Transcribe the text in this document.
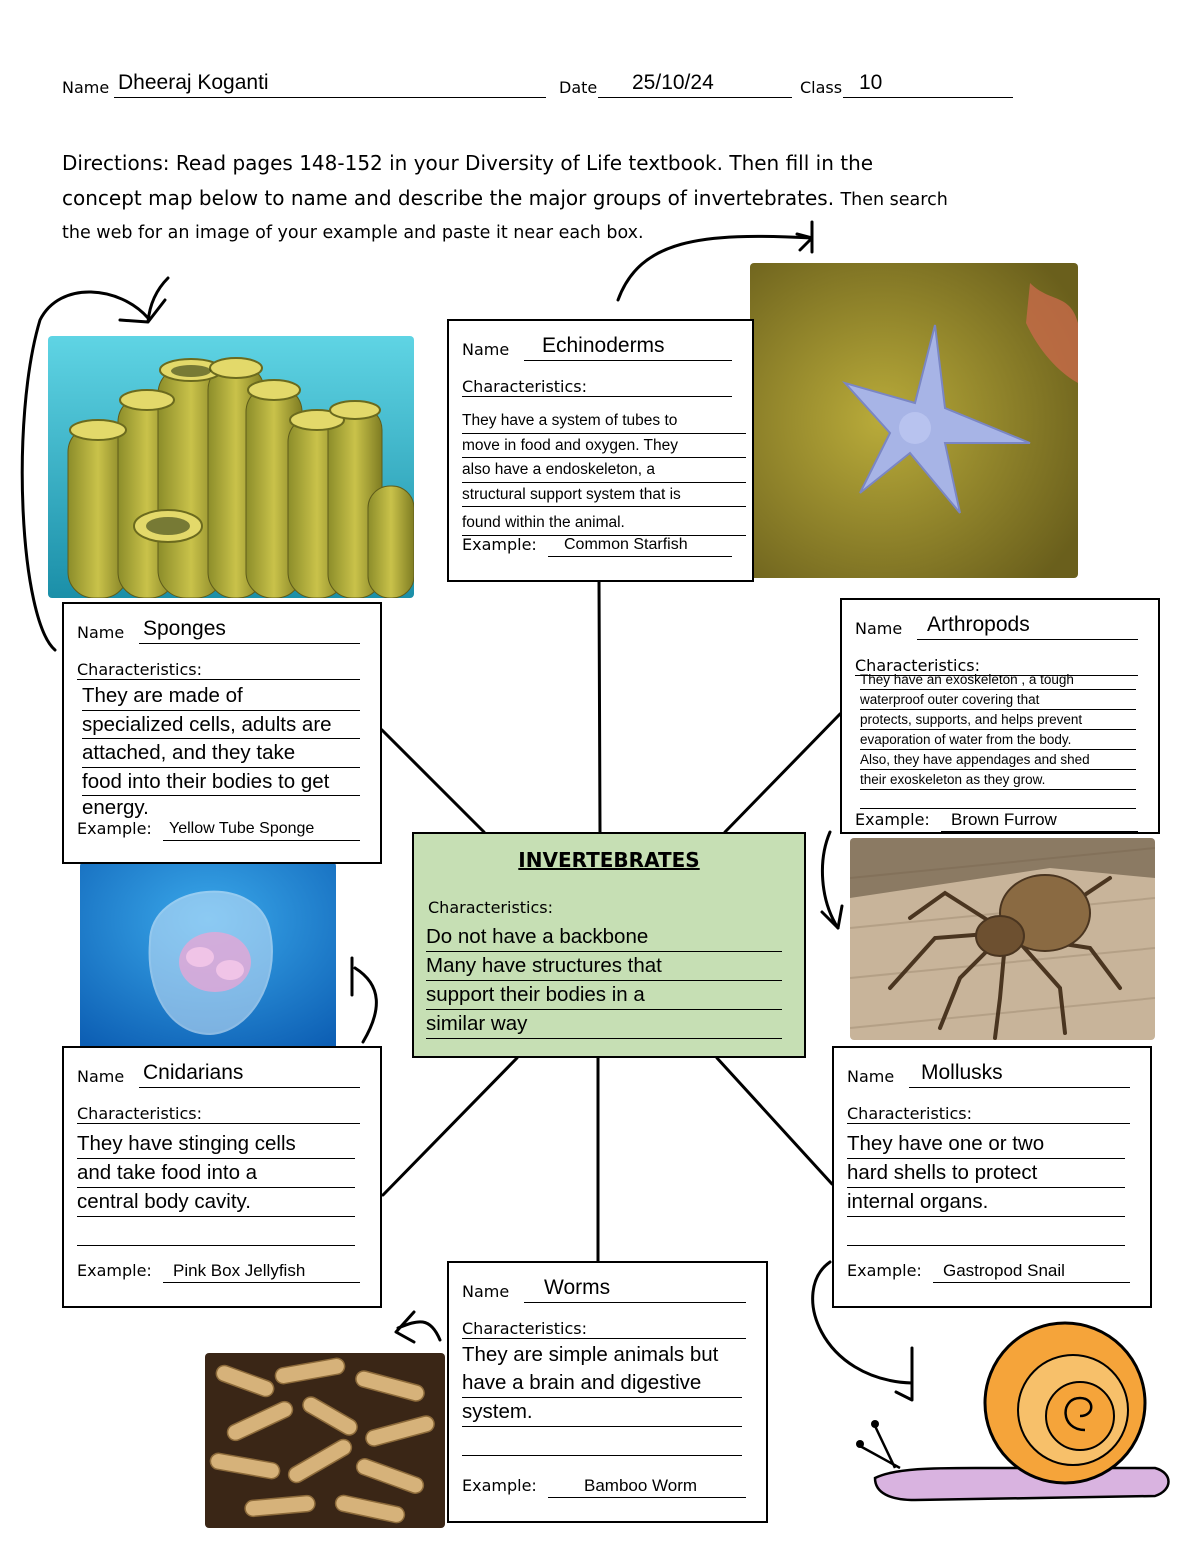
Name Dheeraj Koganti	Date 25/10/24	Class 10
Directions: Read pages 148-152 in your Diversity of Life textbook. Then fill in the
concept map below to name and describe the major groups of invertebrates. Then search
the web for an image of your example and paste it near each box.
Name	Echinoderms
Characteristics:
They have a system of tubes to
move in food and oxygen. They
also have a endoskeleton, a
structural support system that is
found within the animal.
Example:	Common Starfish
Name Sponges
Characteristics:
They are made of
specialized cells, adults are
attached, and they take
food into their bodies to get
energy.
Example:	Yellow Tube Sponge
Name	Arthropods
Characteristics:
They have an exoskeleton , a tough
waterproof outer covering that
protects, supports, and helps prevent
evaporation of water from the body.
Also, they have appendages and shed
their exoskeleton as they grow.
Example:	Brown Furrow
INVERTEBRATES
Characteristics:
Do not have a backbone
Many have structures that
support their bodies in a
similar way
Name Cnidarians
Characteristics:
They have stinging cells
and take food into a
central body cavity.
Example:	Pink Box Jellyfish
Name	Mollusks
Characteristics:
They have one or two
hard shells to protect
internal organs.
Example:	Gastropod Snail
Name	Worms
Characteristics:
They are simple animals but
have a brain and digestive
system.
Example:	Bamboo Worm
